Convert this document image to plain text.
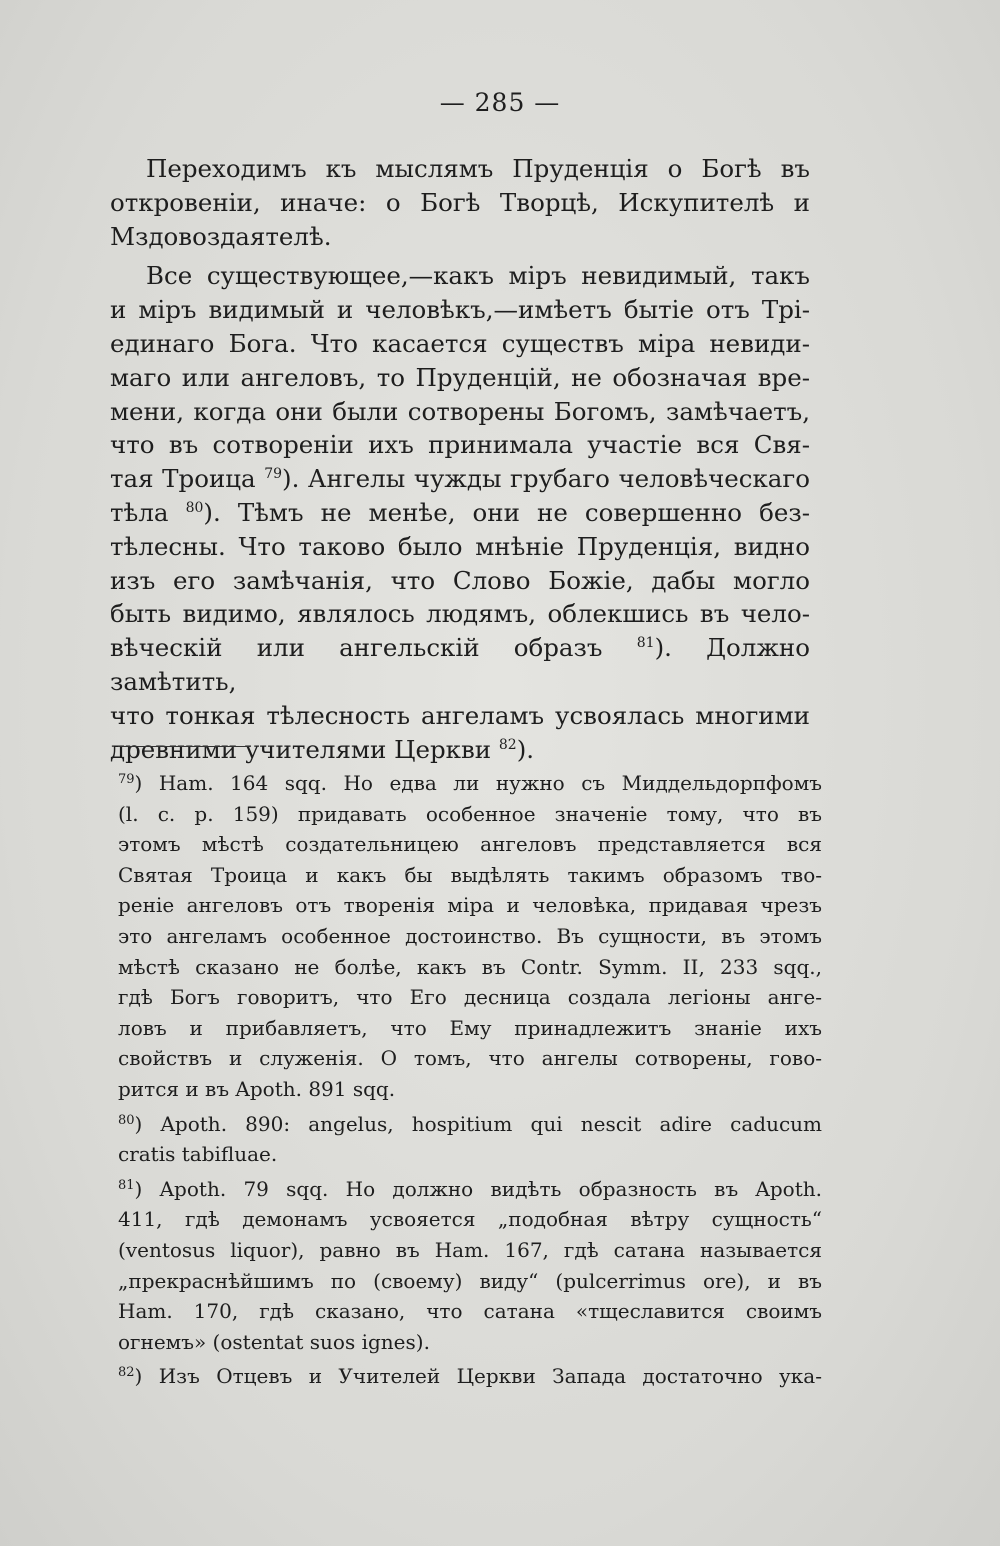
— 285 —

Переходимъ къ мыслямъ Пруденція о Богѣ въ

откровеніи, иначе: о Богѣ Творцѣ, Искупителѣ и

Мздовоздаятелѣ.

Все существующее,—какъ міръ невидимый, такъ

и міръ видимый и человѣкъ,—имѣетъ бытіе отъ Трі-

единаго Бога. Что касается существъ міра невиди-

маго или ангеловъ, то Пруденцій, не обозначая вре-

мени, когда они были сотворены Богомъ, замѣчаетъ,

что въ сотвореніи ихъ принимала участіе вся Свя-

тая Троица $^{79}$). Ангелы чужды грубаго человѣческаго

тѣла $^{80}$). Тѣмъ не менѣе, они не совершенно без-

тѣлесны. Что таково было мнѣніе Пруденція, видно

изъ его замѣчанія, что Слово Божіе, дабы могло

быть видимо, являлось людямъ, облекшись въ чело-

вѣческій или ангельскій образъ $^{81}$). Должно замѣтить,

что тонкая тѣлесность ангеламъ усвоялась многими

древними учителями Церкви $^{82}$).

$^{79}$) Ham. 164 sqq. Но едва ли нужно съ Миддельдорпфомъ

(l. c. p. 159) придавать особенное значеніе тому, что въ

этомъ мѣстѣ создательницею ангеловъ представляется вся

Святая Троица и какъ бы выдѣлять такимъ образомъ тво-

реніе ангеловъ отъ творенія міра и человѣка, придавая чрезъ

это ангеламъ особенное достоинство. Въ сущности, въ этомъ

мѣстѣ сказано не болѣе, какъ въ Contr. Symm. II, 233 sqq.,

гдѣ Богъ говоритъ, что Его десница создала легіоны анге-

ловъ и прибавляетъ, что Ему принадлежитъ знаніе ихъ

свойствъ и служенія. О томъ, что ангелы сотворены, гово-

рится и въ Apoth. 891 sqq.

$^{80}$) Apoth. 890: angelus, hospitium qui nescit adire caducum

cratis tabifluae.

$^{81}$) Apoth. 79 sqq. Но должно видѣть образность въ Apoth.

411, гдѣ демонамъ усвояется „подобная вѣтру сущность“

(ventosus liquor), равно въ Ham. 167, гдѣ сатана называется

„прекраснѣйшимъ по (своему) виду“ (pulcerrimus ore), и въ

Ham. 170, гдѣ сказано, что сатана «тщеславится своимъ

огнемъ» (ostentat suos ignes).

$^{82}$) Изъ Отцевъ и Учителей Церкви Запада достаточно ука-
